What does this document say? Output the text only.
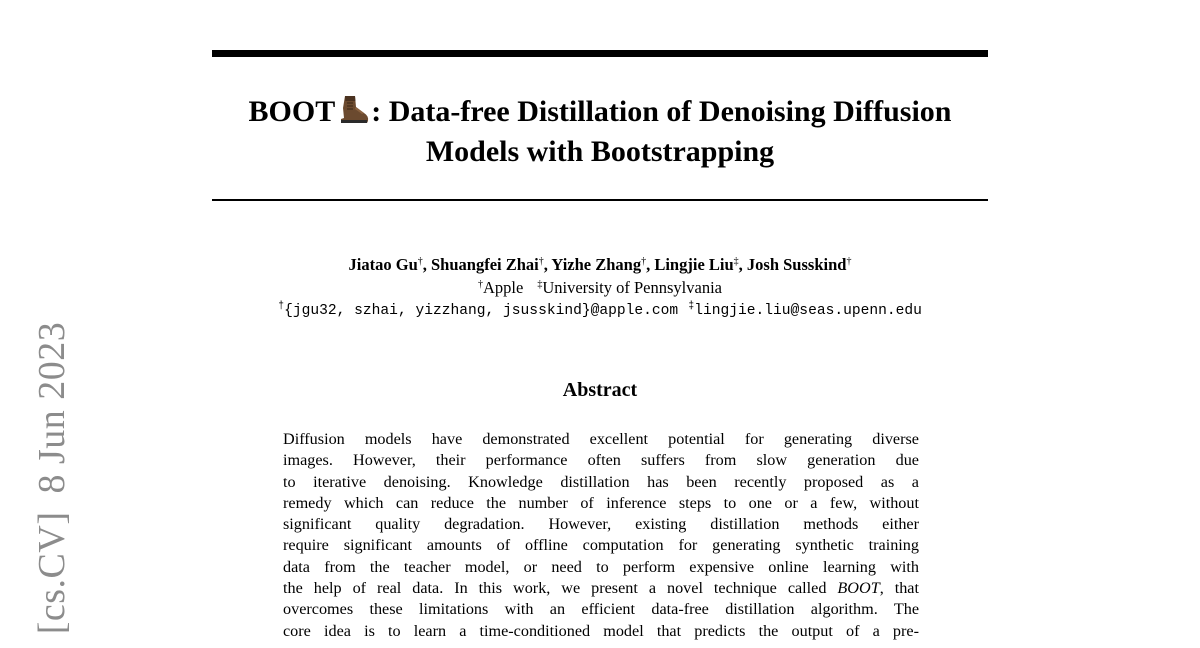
[cs.CV]8 Jun 2023
BOOT : Data-free Distillation of Denoising Diffusion
Models with Bootstrapping
Jiatao Gu†, Shuangfei Zhai†, Yizhe Zhang†, Lingjie Liu‡, Josh Susskind†
†Apple ‡University of Pennsylvania
†{jgu32, szhai, yizzhang, jsusskind}@apple.com ‡lingjie.liu@seas.upenn.edu
Abstract
Diffusion models have demonstrated excellent potential for generating diverse
images. However, their performance often suffers from slow generation due
to iterative denoising. Knowledge distillation has been recently proposed as a
remedy which can reduce the number of inference steps to one or a few, without
significant quality degradation. However, existing distillation methods either
require significant amounts of offline computation for generating synthetic training
data from the teacher model, or need to perform expensive online learning with
the help of real data. In this work, we present a novel technique called BOOT, that
overcomes these limitations with an efficient data-free distillation algorithm. The
core idea is to learn a time-conditioned model that predicts the output of a pre-
